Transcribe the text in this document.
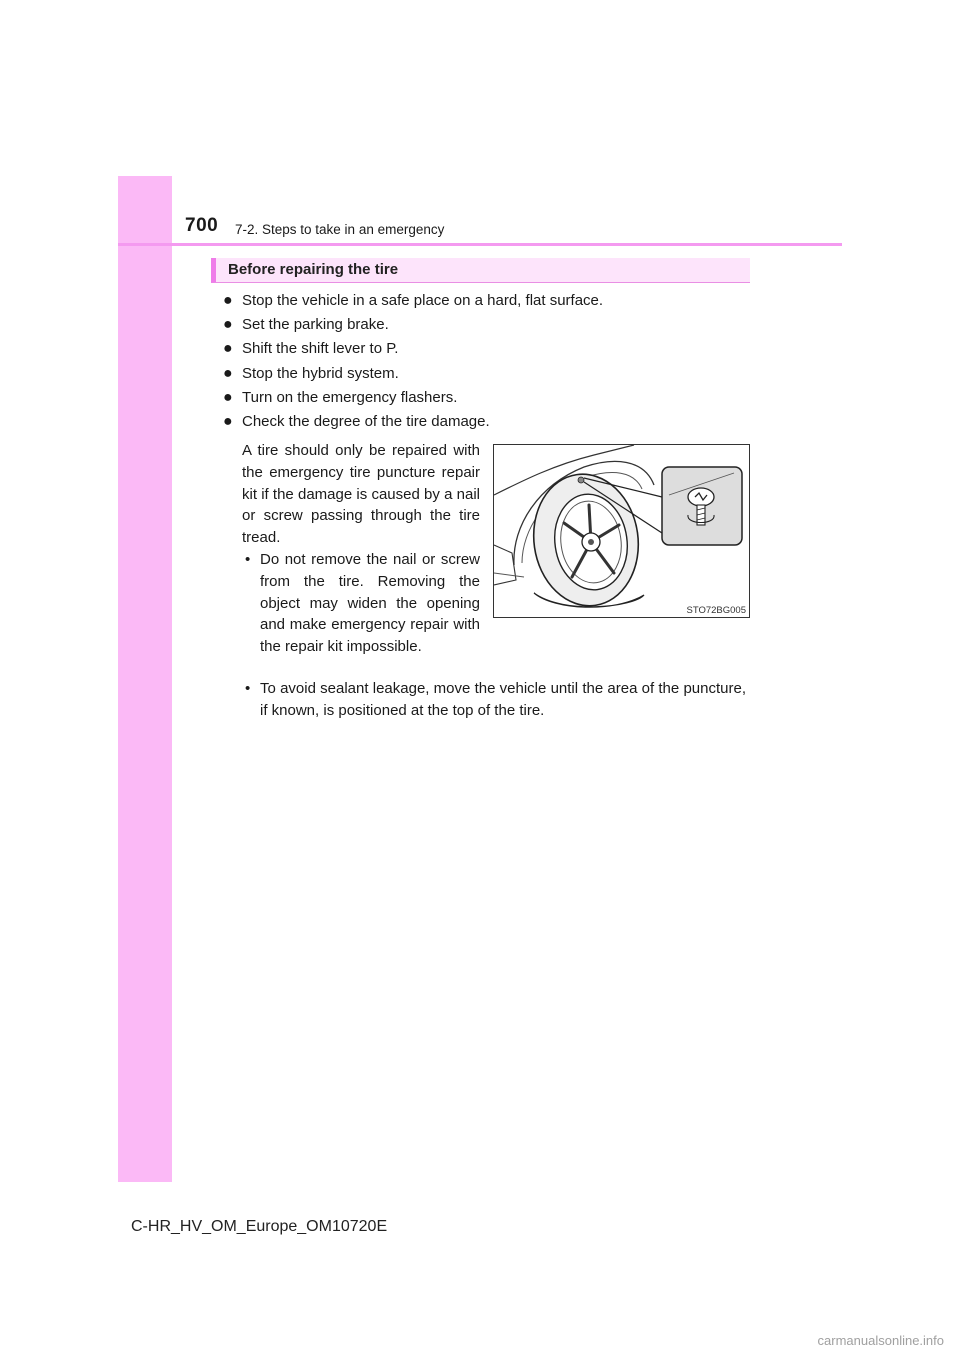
700 7-2. Steps to take in an emergency
Before repairing the tire
● Stop the vehicle in a safe place on a hard, flat surface.
● Set the parking brake.
● Shift the shift lever to P.
● Stop the hybrid system.
● Turn on the emergency flashers.
● Check the degree of the tire damage.
A tire should only be repaired with the emergency tire puncture repair kit if the damage is caused by a nail or screw passing through the tire tread.
• Do not remove the nail or screw from the tire. Removing the object may widen the opening and make emergency repair with the repair kit impossible.
• To avoid sealant leakage, move the vehicle until the area of the puncture, if known, is positioned at the top of the tire.
STO72BG005
C-HR_HV_OM_Europe_OM10720E
carmanualsonline.info
